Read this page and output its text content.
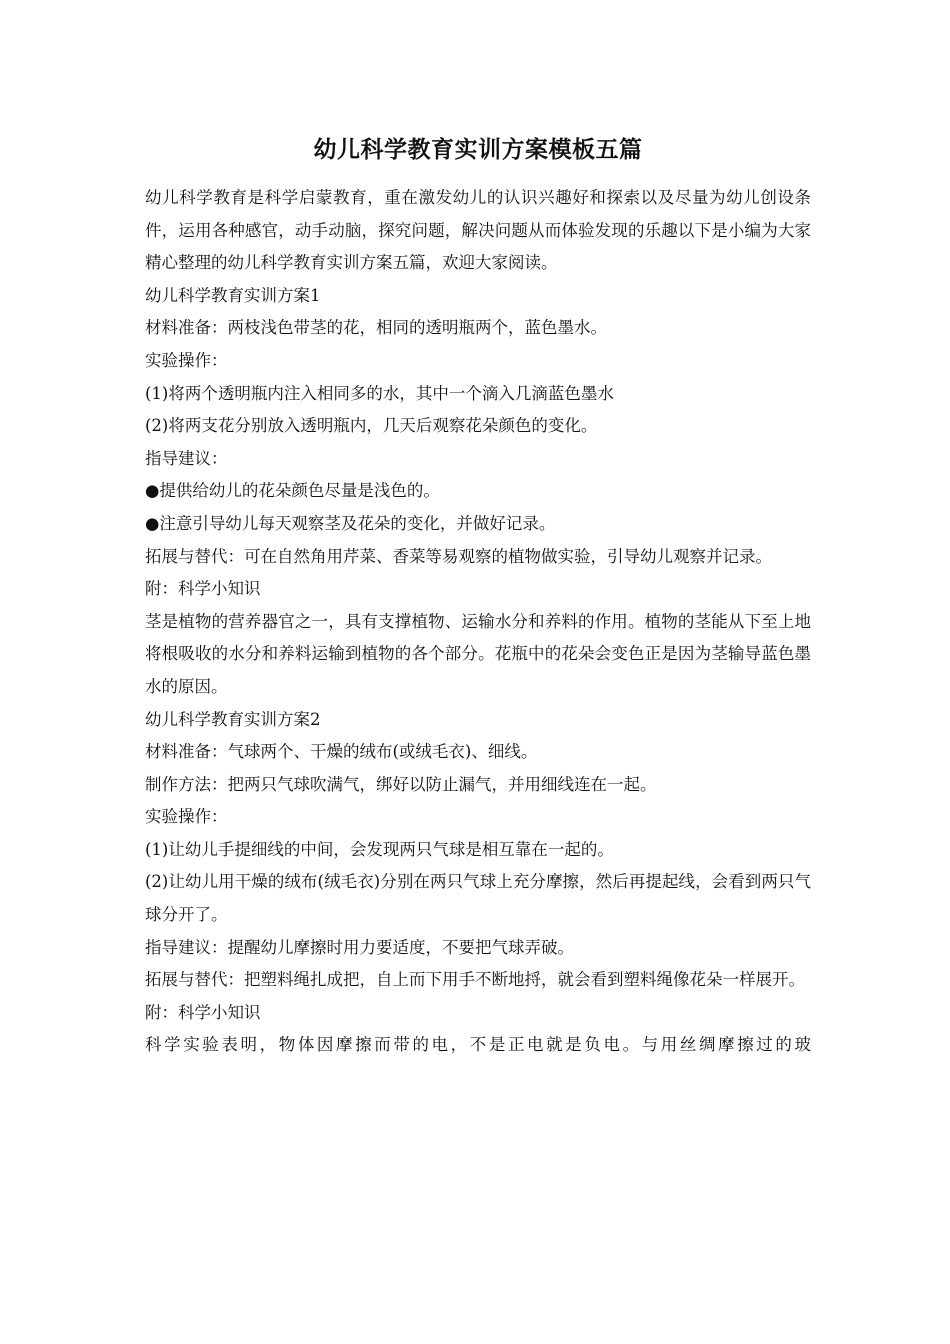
幼儿科学教育实训方案模板五篇

幼儿科学教育是科学启蒙教育，重在激发幼儿的认识兴趣好和探索以及尽量为幼儿创设条件，运用各种感官，动手动脑，探究问题，解决问题从而体验发现的乐趣以下是小编为大家精心整理的幼儿科学教育实训方案五篇，欢迎大家阅读。

幼儿科学教育实训方案1

材料准备：两枝浅色带茎的花，相同的透明瓶两个，蓝色墨水。

实验操作：

(1)将两个透明瓶内注入相同多的水，其中一个滴入几滴蓝色墨水

(2)将两支花分别放入透明瓶内，几天后观察花朵颜色的变化。

指导建议：

●提供给幼儿的花朵颜色尽量是浅色的。

●注意引导幼儿每天观察茎及花朵的变化，并做好记录。

拓展与替代：可在自然角用芹菜、香菜等易观察的植物做实验，引导幼儿观察并记录。

附：科学小知识

茎是植物的营养器官之一，具有支撑植物、运输水分和养料的作用。植物的茎能从下至上地将根吸收的水分和养料运输到植物的各个部分。花瓶中的花朵会变色正是因为茎输导蓝色墨水的原因。

幼儿科学教育实训方案2

材料准备：气球两个、干燥的绒布(或绒毛衣)、细线。

制作方法：把两只气球吹满气，绑好以防止漏气，并用细线连在一起。

实验操作：

(1)让幼儿手提细线的中间，会发现两只气球是相互靠在一起的。

(2)让幼儿用干燥的绒布(绒毛衣)分别在两只气球上充分摩擦，然后再提起线，会看到两只气球分开了。

指导建议：提醒幼儿摩擦时用力要适度，不要把气球弄破。

拓展与替代：把塑料绳扎成把，自上而下用手不断地捋，就会看到塑料绳像花朵一样展开。

附：科学小知识

科学实验表明，物体因摩擦而带的电，不是正电就是负电。与用丝绸摩擦过的玻
